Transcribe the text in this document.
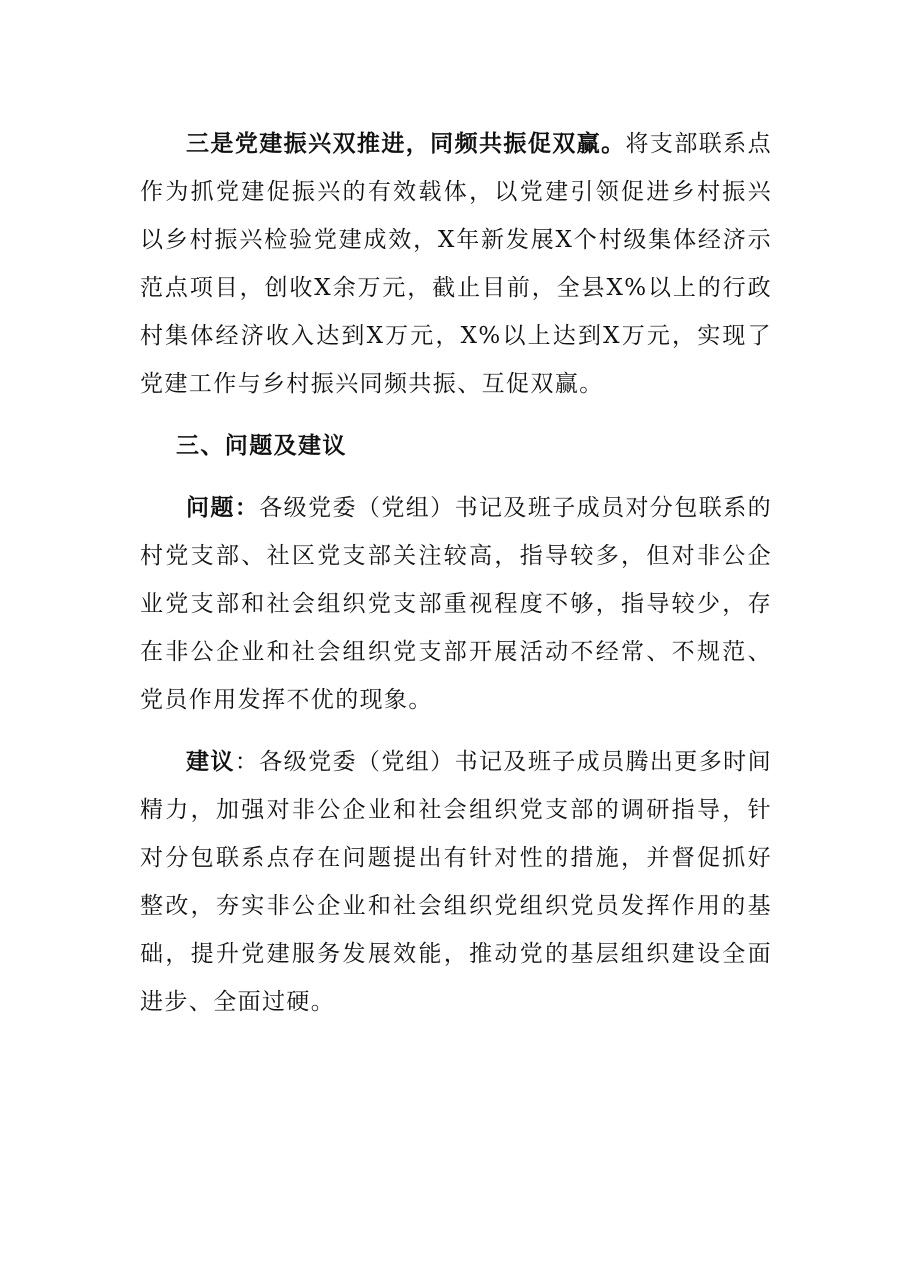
三是党建振兴双推进，同频共振促双赢。将支部联系点作为抓党建促振兴的有效载体，以党建引领促进乡村振兴以乡村振兴检验党建成效，X年新发展X个村级集体经济示范点项目，创收X余万元，截止目前，全县X%以上的行政村集体经济收入达到X万元，X%以上达到X万元，实现了党建工作与乡村振兴同频共振、互促双赢。

三、问题及建议

问题：各级党委（党组）书记及班子成员对分包联系的村党支部、社区党支部关注较高，指导较多，但对非公企业党支部和社会组织党支部重视程度不够，指导较少，存在非公企业和社会组织党支部开展活动不经常、不规范、党员作用发挥不优的现象。

建议：各级党委（党组）书记及班子成员腾出更多时间精力，加强对非公企业和社会组织党支部的调研指导，针对分包联系点存在问题提出有针对性的措施，并督促抓好整改，夯实非公企业和社会组织党组织党员发挥作用的基础，提升党建服务发展效能，推动党的基层组织建设全面进步、全面过硬。
